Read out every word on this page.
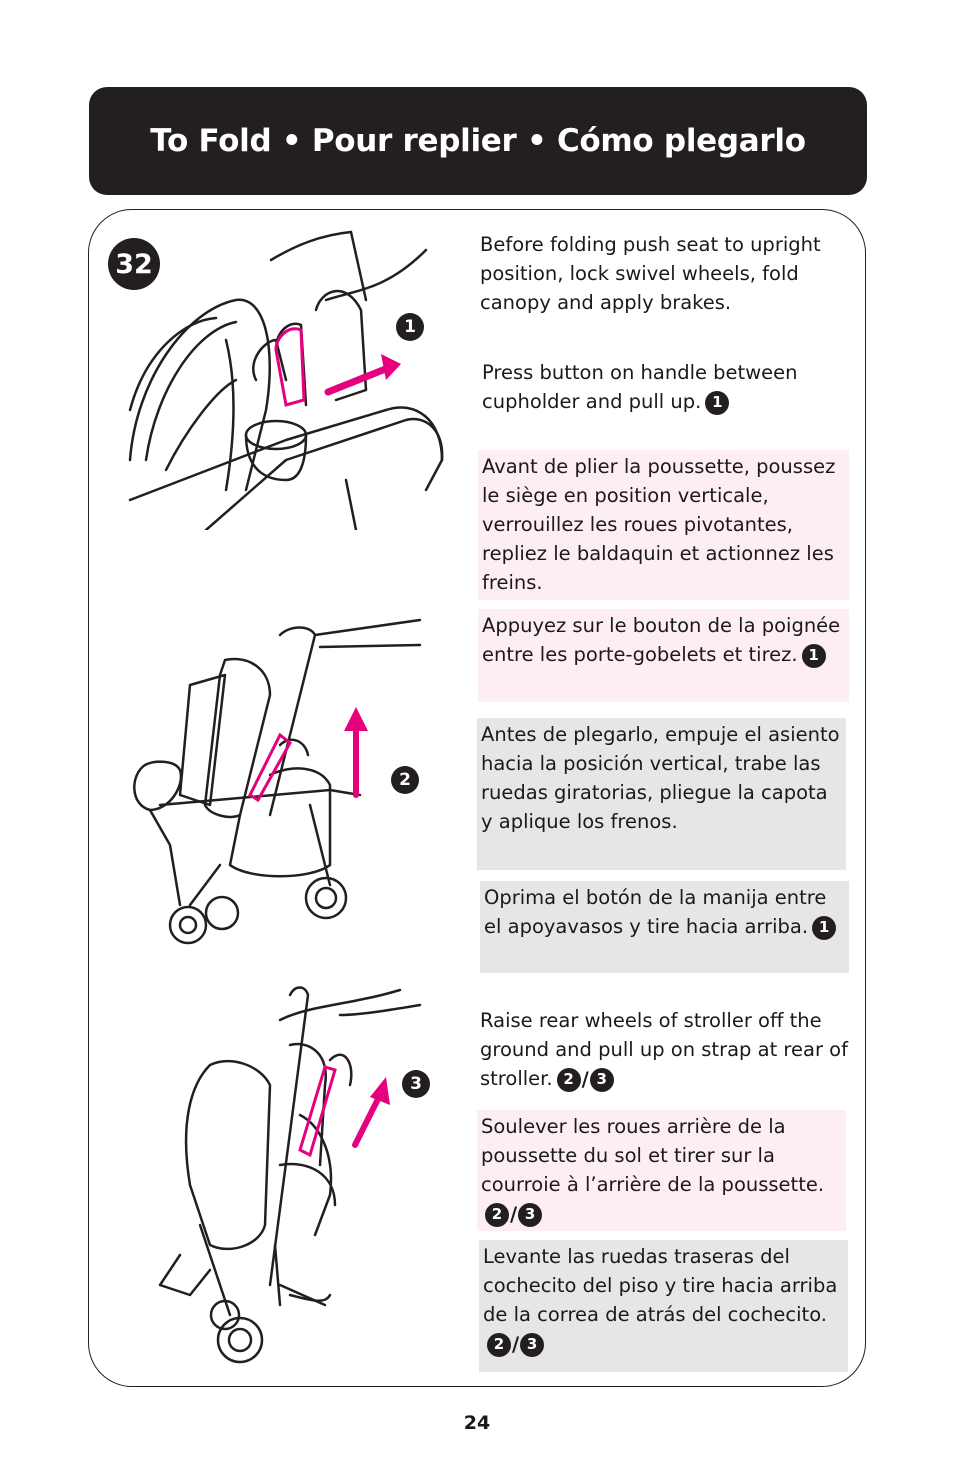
To Fold • Pour replier • Cómo plegarlo
32
1
2
3
Before folding push seat to upright position, lock swivel wheels, fold canopy and apply brakes.
Press button on handle between cupholder and pull up. 1
Avant de plier la poussette, poussez le siège en position verticale, verrouillez les roues pivotantes, repliez le baldaquin et actionnez les freins.
Appuyez sur le bouton de la poignée entre les porte-gobelets et tirez. 1
Antes de plegarlo, empuje el asiento hacia la posición vertical, trabe las ruedas giratorias, pliegue la capota y aplique los frenos.
Oprima el botón de la manija entre el apoyavasos y tire hacia arriba. 1
Raise rear wheels of stroller off the ground and pull up on strap at rear of stroller. 2 / 3
Soulever les roues arrière de la poussette du sol et tirer sur la courroie à l’arrière de la poussette.2 / 3
Levante las ruedas traseras del cochecito del piso y tire hacia arriba de la correa de atrás del cochecito.2 / 3
24
